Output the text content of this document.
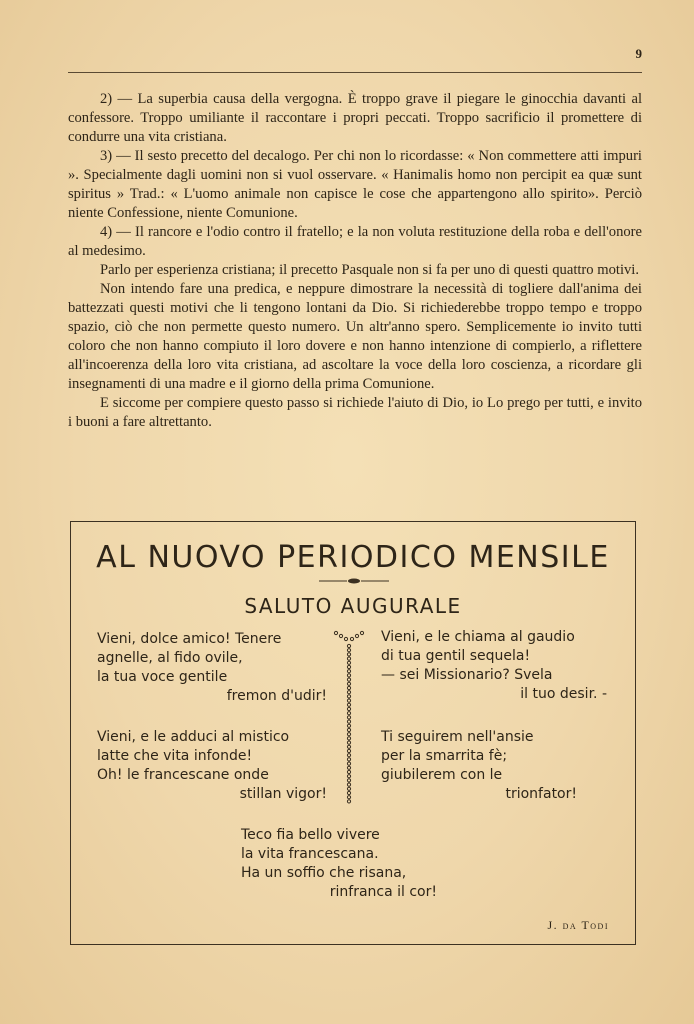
9

2) — La superbia causa della vergogna. È troppo grave il piegare le ginocchia davanti al confessore. Troppo umiliante il raccontare i propri peccati. Troppo sacrificio il promettere di condurre una vita cristiana.

3) — Il sesto precetto del decalogo. Per chi non lo ricordasse: « Non commettere atti impuri ». Specialmente dagli uomini non si vuol osservare. « Hanimalis homo non percipit ea quæ sunt spiritus » Trad.: « L'uomo animale non capisce le cose che appartengono allo spirito». Perciò niente Confessione, niente Comunione.

4) — Il rancore e l'odio contro il fratello; e la non voluta restituzione della roba e dell'onore al medesimo.

Parlo per esperienza cristiana; il precetto Pasquale non si fa per uno di questi quattro motivi.

Non intendo fare una predica, e neppure dimostrare la necessità di togliere dall'anima dei battezzati questi motivi che li tengono lontani da Dio. Si richiederebbe troppo tempo e troppo spazio, ciò che non permette questo numero. Un altr'anno spero. Semplicemente io invito tutti coloro che non hanno compiuto il loro dovere e non hanno intenzione di compierlo, a riflettere all'incoerenza della loro vita cristiana, ad ascoltare la voce della loro coscienza, a ricordare gli insegnamenti di una madre e il giorno della prima Comunione.

E siccome per compiere questo passo si richiede l'aiuto di Dio, io Lo prego per tutti, e invito i buoni a fare altrettanto.

AL NUOVO PERIODICO MENSILE
SALUTO AUGURALE
Vieni, dolce amico! Tenere
agnelle, al fido ovile,
la tua voce gentile
fremon d'udir!
Vieni, e le adduci al mistico
latte che vita infonde!
Oh! le francescane onde
stillan vigor!
Vieni, e le chiama al gaudio
di tua gentil sequela!
— sei Missionario? Svela
il tuo desir. -
Ti seguirem nell'ansie
per la smarrita fè;
giubilerem con le
trionfator!
Teco fia bello vivere
la vita francescana.
Ha un soffio che risana,
rinfranca il cor!
J. da Todi
